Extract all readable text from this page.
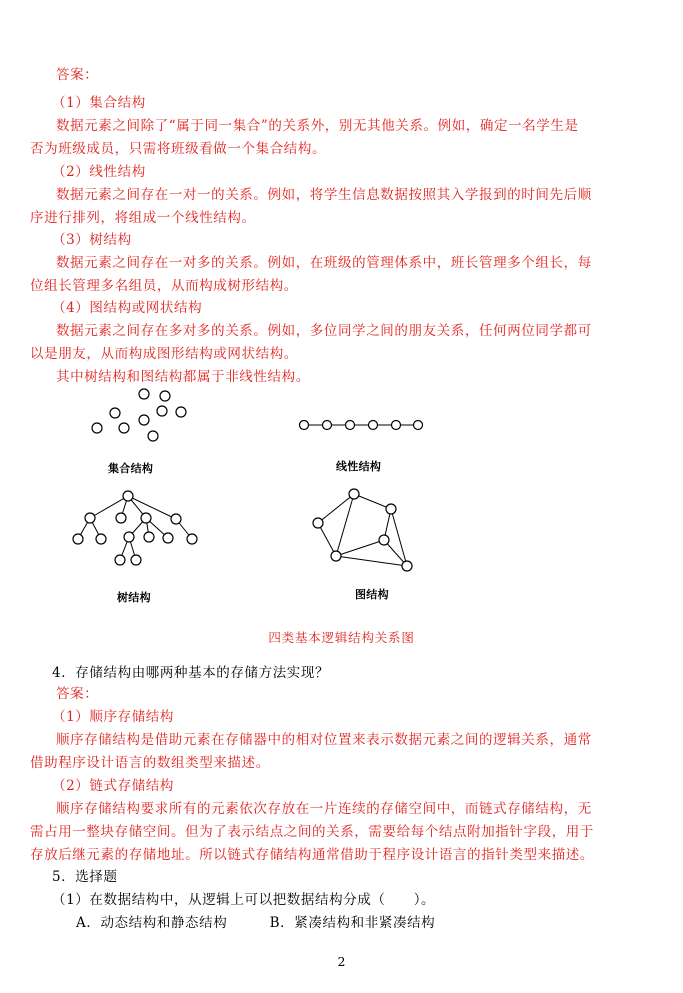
答案：

（1）集合结构

数据元素之间除了“属于同一集合”的关系外，别无其他关系。例如，确定一名学生是

否为班级成员，只需将班级看做一个集合结构。

（2）线性结构

数据元素之间存在一对一的关系。例如，将学生信息数据按照其入学报到的时间先后顺

序进行排列，将组成一个线性结构。

（3）树结构

数据元素之间存在一对多的关系。例如，在班级的管理体系中，班长管理多个组长，每

位组长管理多名组员，从而构成树形结构。

（4）图结构或网状结构

数据元素之间存在多对多的关系。例如，多位同学之间的朋友关系，任何两位同学都可

以是朋友，从而构成图形结构或网状结构。

其中树结构和图结构都属于非线性结构。

集合结构	线性结构
树结构	图结构
四类基本逻辑结构关系图

4．存储结构由哪两种基本的存储方法实现？

答案：

（1）顺序存储结构

顺序存储结构是借助元素在存储器中的相对位置来表示数据元素之间的逻辑关系，通常

借助程序设计语言的数组类型来描述。

（2）链式存储结构

顺序存储结构要求所有的元素依次存放在一片连续的存储空间中，而链式存储结构，无

需占用一整块存储空间。但为了表示结点之间的关系，需要给每个结点附加指针字段，用于

存放后继元素的存储地址。所以链式存储结构通常借助于程序设计语言的指针类型来描述。

5．选择题

（1）在数据结构中，从逻辑上可以把数据结构分成（　　）。

A．动态结构和静态结构　　　B．紧凑结构和非紧凑结构

2
